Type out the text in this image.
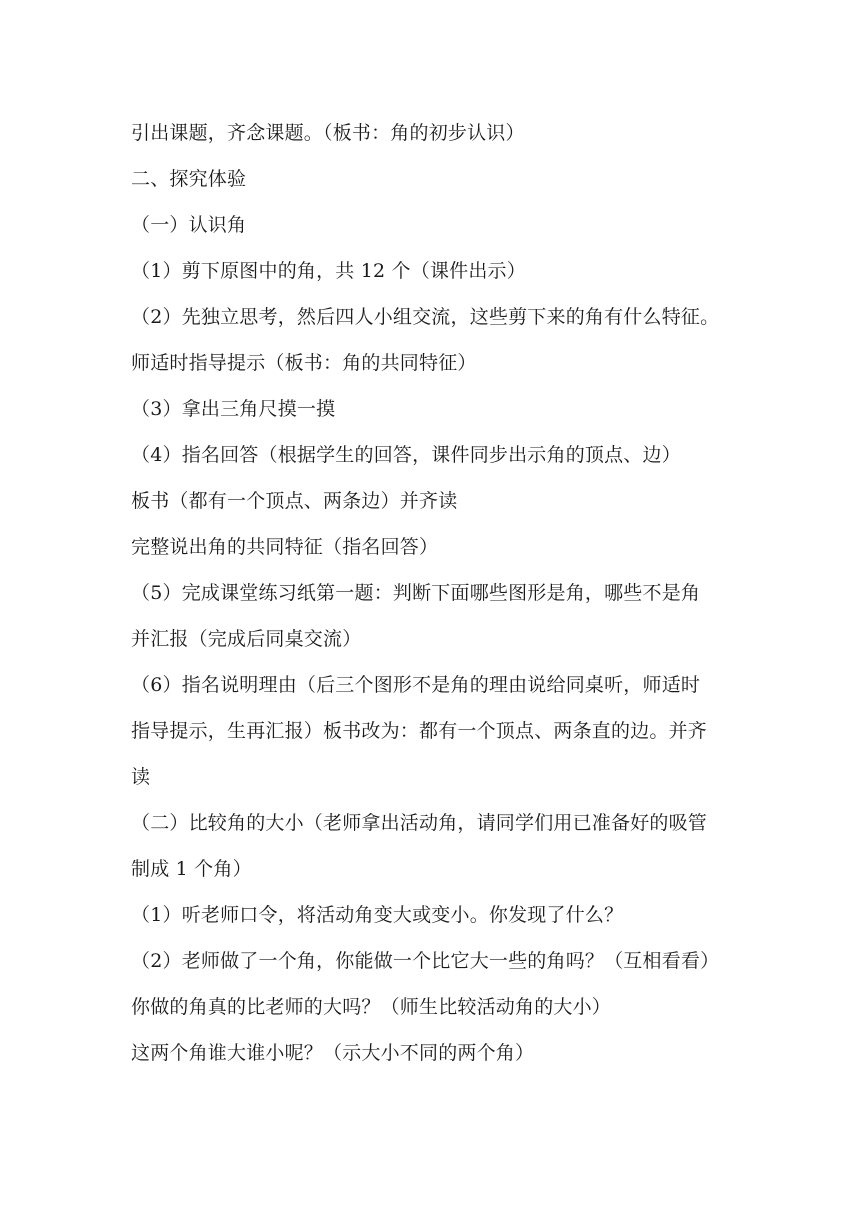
引出课题，齐念课题。（板书：角的初步认识）
二、探究体验
（一）认识角
（1）剪下原图中的角，共 12 个（课件出示）
（2）先独立思考，然后四人小组交流，这些剪下来的角有什么特征。
师适时指导提示（板书：角的共同特征）
（3）拿出三角尺摸一摸
（4）指名回答（根据学生的回答，课件同步出示角的顶点、边）
板书（都有一个顶点、两条边）并齐读
完整说出角的共同特征（指名回答）
（5）完成课堂练习纸第一题：判断下面哪些图形是角，哪些不是角
并汇报（完成后同桌交流）
（6）指名说明理由（后三个图形不是角的理由说给同桌听，师适时
指导提示，生再汇报）板书改为：都有一个顶点、两条直的边。并齐
读
（二）比较角的大小（老师拿出活动角，请同学们用已准备好的吸管
制成 1 个角）
（1）听老师口令，将活动角变大或变小。你发现了什么？
（2）老师做了一个角，你能做一个比它大一些的角吗？（互相看看）
你做的角真的比老师的大吗？（师生比较活动角的大小）
这两个角谁大谁小呢？（示大小不同的两个角）
